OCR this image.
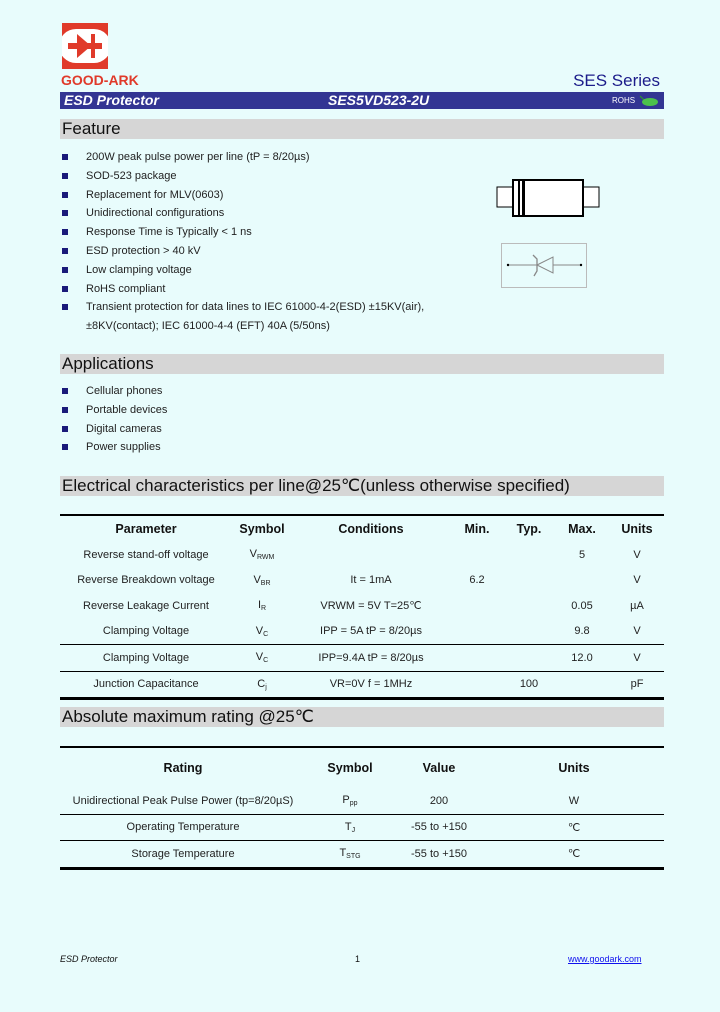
GOOD-ARK	SES Series
ESD Protector	SES5VD523-2U	ROHS
Feature
200W peak pulse power per line (tP = 8/20µs)
SOD-523 package
Replacement for MLV(0603)
Unidirectional configurations
Response Time is Typically < 1 ns
ESD protection > 40 kV
Low clamping voltage
RoHS compliant
Transient protection for data lines to IEC 61000-4-2(ESD) ±15KV(air),
±8KV(contact); IEC 61000-4-4 (EFT) 40A (5/50ns)
Applications
Cellular phones
Portable devices
Digital cameras
Power supplies
Electrical characteristics per line@25℃(unless otherwise specified)
Parameter	Symbol	Conditions	Min.	Typ.	Max.	Units
Reverse stand-off voltage	$V_{RWM}$				5	V
Reverse Breakdown voltage	$V_{BR}$	It = 1mA	6.2			V
Reverse Leakage Current	$I_R$	VRWM = 5V T=25℃			0.05	µA
Clamping Voltage	$V_C$	IPP = 5A tP = 8/20µs			9.8	V
Clamping Voltage	$V_C$	IPP=9.4A tP = 8/20µs			12.0	V
Junction Capacitance	$C_j$	VR=0V f = 1MHz		100		pF
Absolute maximum rating @25℃
Rating	Symbol	Value	Units
Unidirectional Peak Pulse Power (tp=8/20µS)	$P_{pp}$	200	W
Operating Temperature	$T_J$	-55 to +150	℃
Storage Temperature	$T_{STG}$	-55 to +150	℃
ESD Protector	1	www.goodark.com
